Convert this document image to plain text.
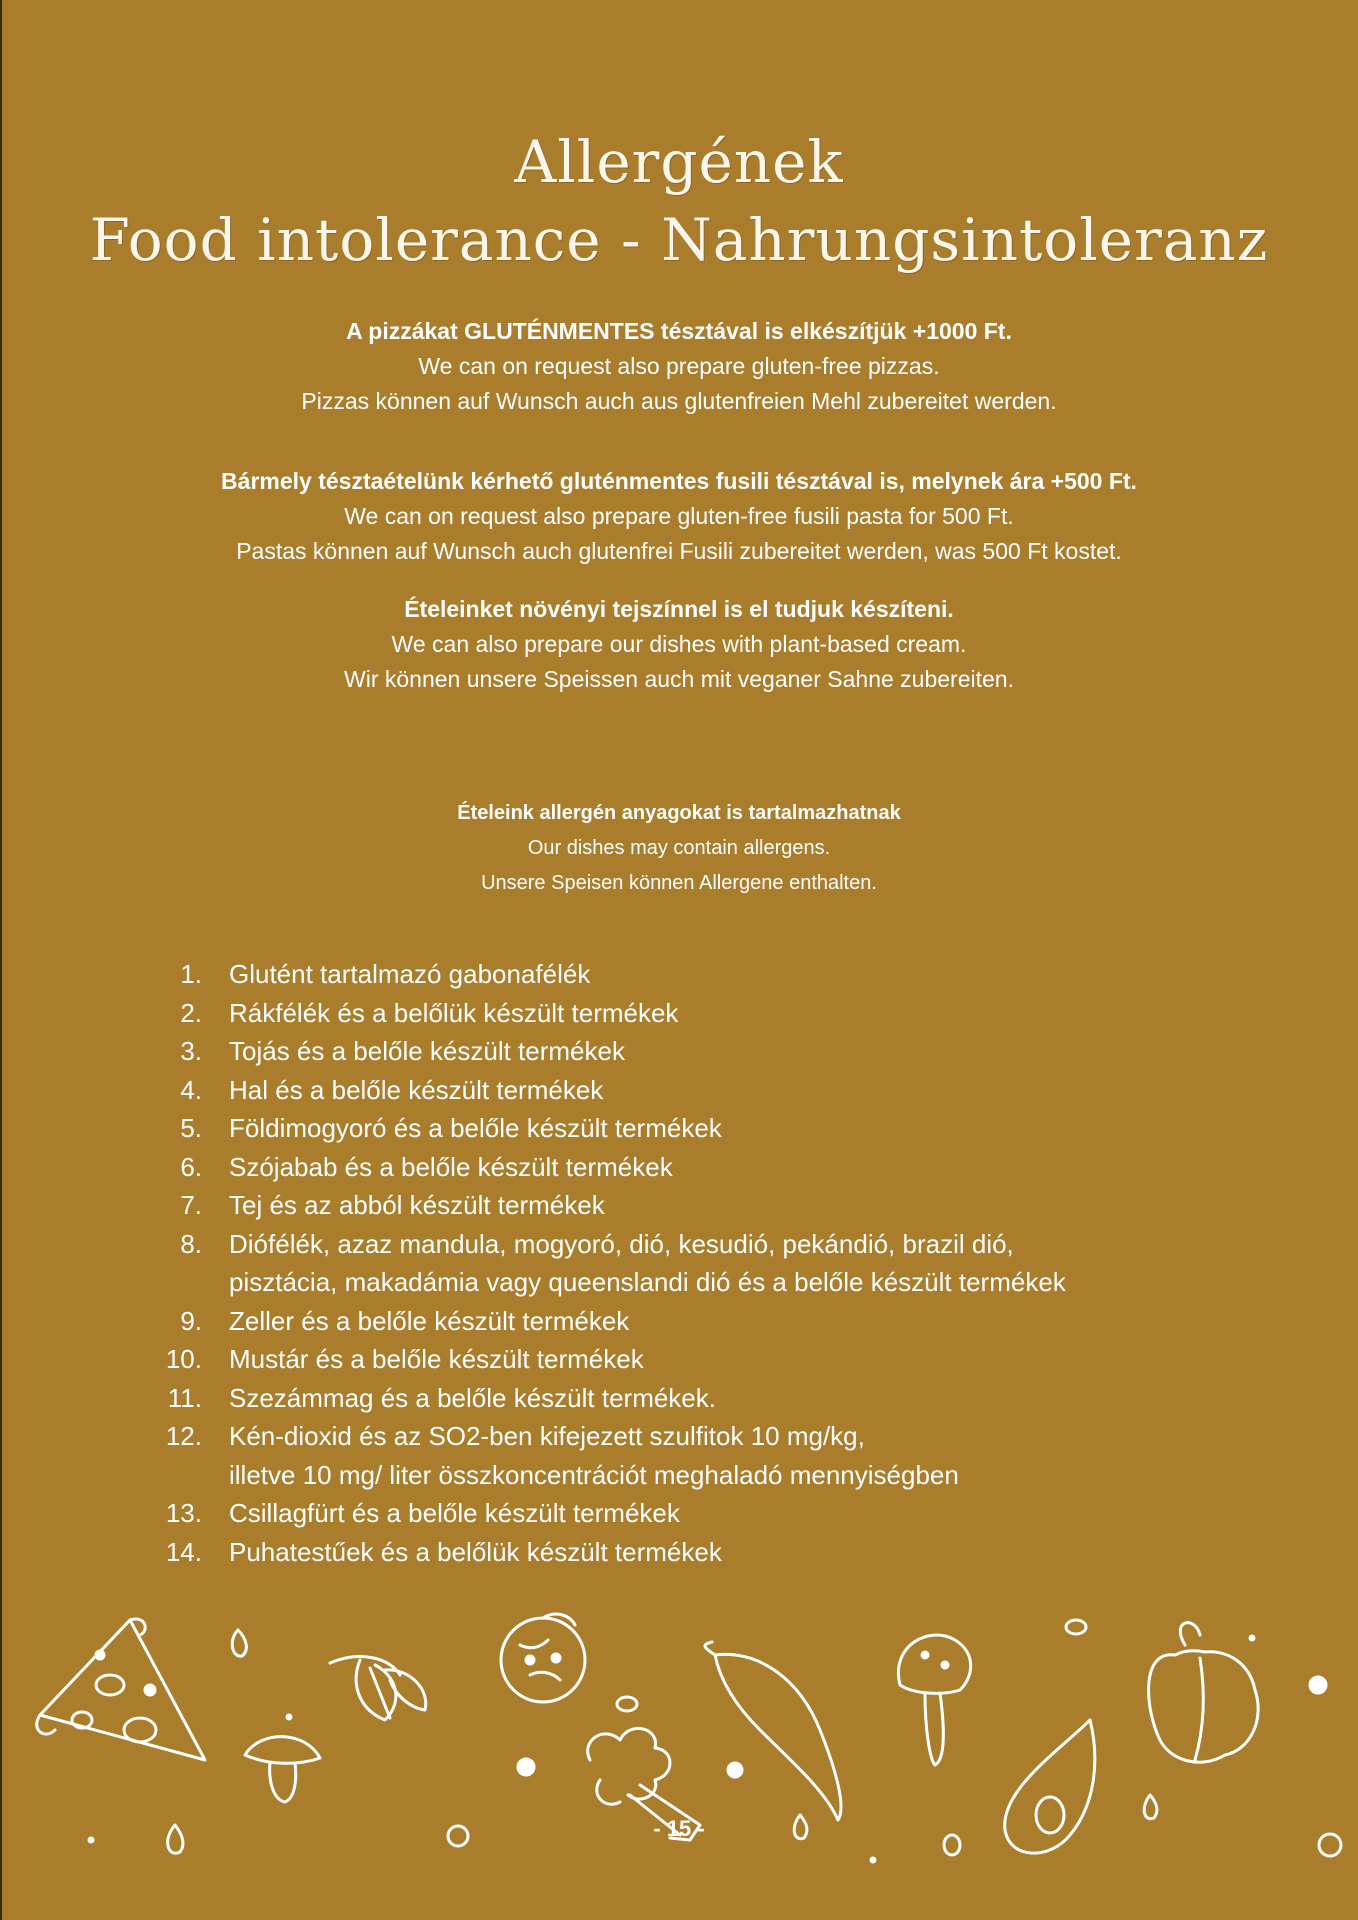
Allergének
Food intolerance - Nahrungsintoleranz

A pizzákat GLUTÉNMENTES tésztával is elkészítjük +1000 Ft.

We can on request also prepare gluten-free pizzas.

Pizzas können auf Wunsch auch aus glutenfreien Mehl zubereitet werden.

Bármely tésztaételünk kérhető gluténmentes fusili tésztával is, melynek ára +500 Ft.

We can on request also prepare gluten-free fusili pasta for 500 Ft.

Pastas können auf Wunsch auch glutenfrei Fusili zubereitet werden, was 500 Ft kostet.

Ételeinket növényi tejszínnel is el tudjuk készíteni.

We can also prepare our dishes with plant-based cream.

Wir können unsere Speissen auch mit veganer Sahne zubereiten.

Ételeink allergén anyagokat is tartalmazhatnak

Our dishes may contain allergens.

Unsere Speisen können Allergene enthalten.

1. Glutént tartalmazó gabonafélék
2. Rákfélék és a belőlük készült termékek
3. Tojás és a belőle készült termékek
4. Hal és a belőle készült termékek
5. Földimogyoró és a belőle készült termékek
6. Szójabab és a belőle készült termékek
7. Tej és az abból készült termékek
8. Diófélék, azaz mandula, mogyoró, dió, kesudió, pekándió, brazil dió,
pisztácia, makadámia vagy queenslandi dió és a belőle készült termékek
9. Zeller és a belőle készült termékek
10. Mustár és a belőle készült termékek
11. Szezámmag és a belőle készült termékek.
12. Kén-dioxid és az SO2-ben kifejezett szulfitok 10 mg/kg,
illetve 10 mg/ liter összkoncentrációt meghaladó mennyiségben
13. Csillagfürt és a belőle készült termékek
14. Puhatestűek és a belőlük készült termékek
- 15 -
